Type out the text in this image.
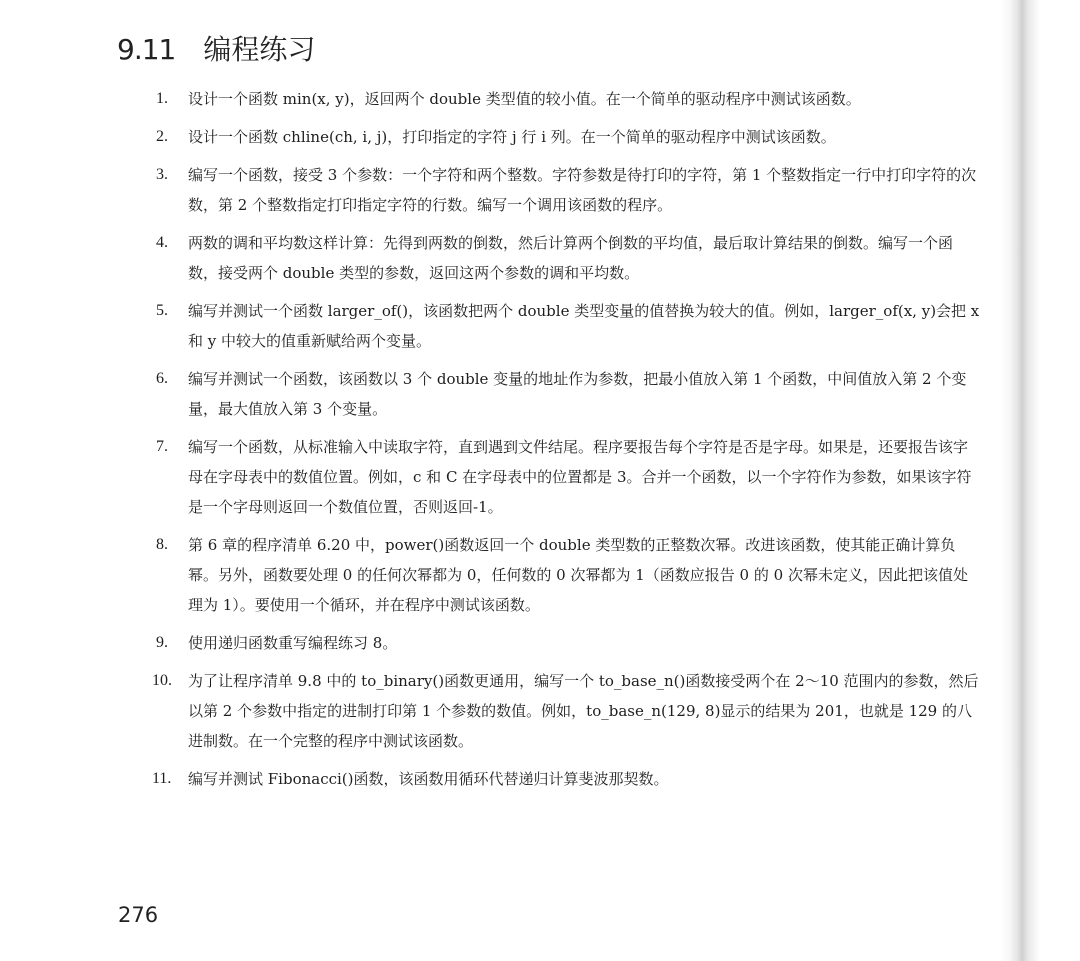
9.11 编程练习
1. 设计一个函数 min(x, y)，返回两个 double 类型值的较小值。在一个简单的驱动程序中测试该函数。
2. 设计一个函数 chline(ch, i, j)，打印指定的字符 j 行 i 列。在一个简单的驱动程序中测试该函数。
3. 编写一个函数，接受 3 个参数：一个字符和两个整数。字符参数是待打印的字符，第 1 个整数指定一行中打印字符的次数，第 2 个整数指定打印指定字符的行数。编写一个调用该函数的程序。
4. 两数的调和平均数这样计算：先得到两数的倒数，然后计算两个倒数的平均值，最后取计算结果的倒数。编写一个函数，接受两个 double 类型的参数，返回这两个参数的调和平均数。
5. 编写并测试一个函数 larger_of()，该函数把两个 double 类型变量的值替换为较大的值。例如，larger_of(x, y)会把 x 和 y 中较大的值重新赋给两个变量。
6. 编写并测试一个函数，该函数以 3 个 double 变量的地址作为参数，把最小值放入第 1 个函数，中间值放入第 2 个变量，最大值放入第 3 个变量。
7. 编写一个函数，从标准输入中读取字符，直到遇到文件结尾。程序要报告每个字符是否是字母。如果是，还要报告该字母在字母表中的数值位置。例如，c 和 C 在字母表中的位置都是 3。合并一个函数，以一个字符作为参数，如果该字符是一个字母则返回一个数值位置，否则返回-1。
8. 第 6 章的程序清单 6.20 中，power()函数返回一个 double 类型数的正整数次幂。改进该函数，使其能正确计算负幂。另外，函数要处理 0 的任何次幂都为 0，任何数的 0 次幂都为 1（函数应报告 0 的 0 次幂未定义，因此把该值处理为 1）。要使用一个循环，并在程序中测试该函数。
9. 使用递归函数重写编程练习 8。
10. 为了让程序清单 9.8 中的 to_binary()函数更通用，编写一个 to_base_n()函数接受两个在 2～10 范围内的参数，然后以第 2 个参数中指定的进制打印第 1 个参数的数值。例如，to_base_n(129, 8)显示的结果为 201，也就是 129 的八进制数。在一个完整的程序中测试该函数。
11. 编写并测试 Fibonacci()函数，该函数用循环代替递归计算斐波那契数。
276
